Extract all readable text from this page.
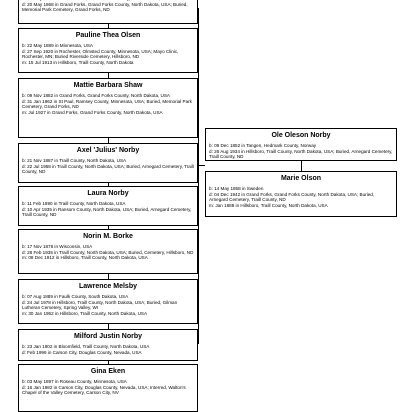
d: 20 May 1868 in Grand Forks, Grand Forks County, North Dakota, USA; Buried, Memorial Park Cemetery, Grand Forks, ND
Pauline Thea Olsen
b: 22 May 1889 in Minnesota, USA
d: 27 Sep 1920 in Rochester, Olmsted County, Minnesota, USA; Mayo Clinic, Rochester, MN; Buried Riverside Cemetery, Hillsboro, ND
m: 15 Jul 1913 in Hillsboro, Traill County, North Dakota
Mattie Barbara Shaw
b: 09 Nov 1882 in Grand Forks, Grand Forks County, North Dakota, USA
d: 31 Jan 1962 in St Paul, Ramsey County, Minnesota, USA; Buried, Memorial Park Cemetery, Grand Forks, ND
m: Jul 1927 in Grand Forks, Grand Forks County, North Dakota, USA
Axel 'Julius' Norby
b: 21 Nov 1887 in Traill County, North Dakota, USA
d: 22 Jul 1958 in Traill County, North Dakota, USA; Buried, Arnegard Cemetery, Traill County, ND
Laura Norby
b: 11 Feb 1890 in Traill County, North Dakota, USA
d: 10 Apr 1935 in Ransom County, North Dakota, USA; Buried, Arnegard Cemetery, Traill County, ND
Norin M. Borke
b: 17 Nov 1878 in Wisconsin, USA
d: 28 Feb 1935 in Traill County, North Dakota, USA; Buried, Cemetery, Hillsboro, ND
m: 08 Dec 1912 in Hillsboro, Traill County, North Dakota, USA
Lawrence Melsby
b: 07 Aug 1889 in Faulk County, South Dakota, USA
d: 24 Jul 1978 in Hillsboro, Traill County, North Dakota, USA; Buried, Gilman Lutheran Cemetery, Spring Valley, WI
m: 30 Jan 1952 in Hillsboro, Traill County, North Dakota, USA
Milford Justin Norby
b: 23 Jan 1902 in Bloomfield, Traill County, North Dakota, USA
d: Feb 1996 in Carson City, Douglas County, Nevada, USA
Gina Eken
b: 03 May 1897 in Roseau County, Minnesota, USA
d: 16 Jan 1982 in Carson City, Douglas County, Nevada, USA; Interred, Walton's Chapel of the Valley Cemetery, Carson City, NV
Ole Oleson Norby
b: 09 Dec 1852 in Tangen, Hedmark County, Norway
d: 26 Aug 1934 in Hillsboro, Traill County, North Dakota, USA; Buried, Arnegard Cemetery, Traill County, ND
Marie Olson
b: 14 May 1858 in Sweden
d: 04 Dec 1942 in Grand Forks, Grand Forks County, North Dakota, USA; Buried, Arnegard Cemetery, Traill County, ND
m: Jan 1888 in Hillsboro, Traill County, North Dakota, USA
